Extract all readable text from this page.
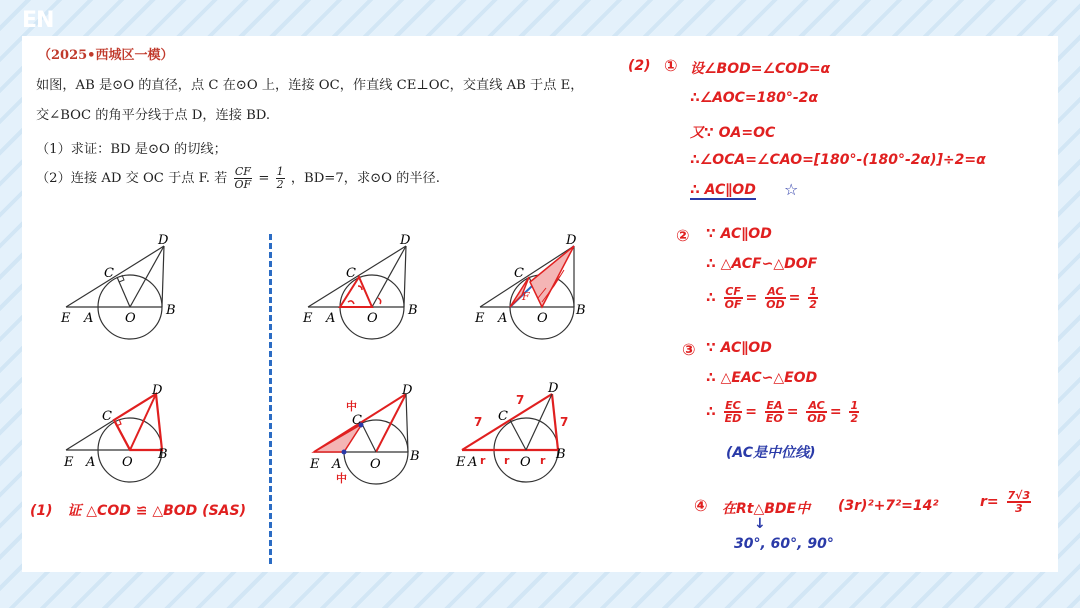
EN
（2025•西城区一模）
如图，AB 是⊙O 的直径，点 C 在⊙O 上，连接 OC，作直线 CE⊥OC，交直线 AB 于点 E，
交∠BOC 的角平分线于点 D，连接 BD.
（1）求证：BD 是⊙O 的切线；
（2）连接 AD 交 OC 于点 F. 若 $\frac{CF}{OF} = \frac{1}{2}$ ，BD=7，求⊙O 的半径.
D
C
E A O
B
D
C
E A O
B
D
C
F
E A O
B
D
C
E A O
B
中
中
D
C
E A O
B
7
7
7
r r	r
D
C
E A	O
B
(1) 证 △COD ≌ △BOD (SAS)
(2) ① 设∠BOD=∠COD=α
∴∠AOC=180°-2α
又∵ OA=OC
∴∠OCA=∠CAO=[180°-(180°-2α)]÷2=α
∴ AC∥OD ☆
② ∵ AC∥OD
∴ △ACF∽△DOF
∴ $\frac{CF}{OF} = \frac{AC}{OD} = \frac{1}{2}$
③ ∵ AC∥OD
∴ △EAC∽△EOD
∴ $\frac{EC}{ED} = \frac{EA}{EO} = \frac{AC}{OD} = \frac{1}{2}$
(AC是中位线)
④ 在Rt△BDE中 (3r)²+7²=14²	$r= \frac{7√3}{3}$
↓
30°, 60°, 90°
